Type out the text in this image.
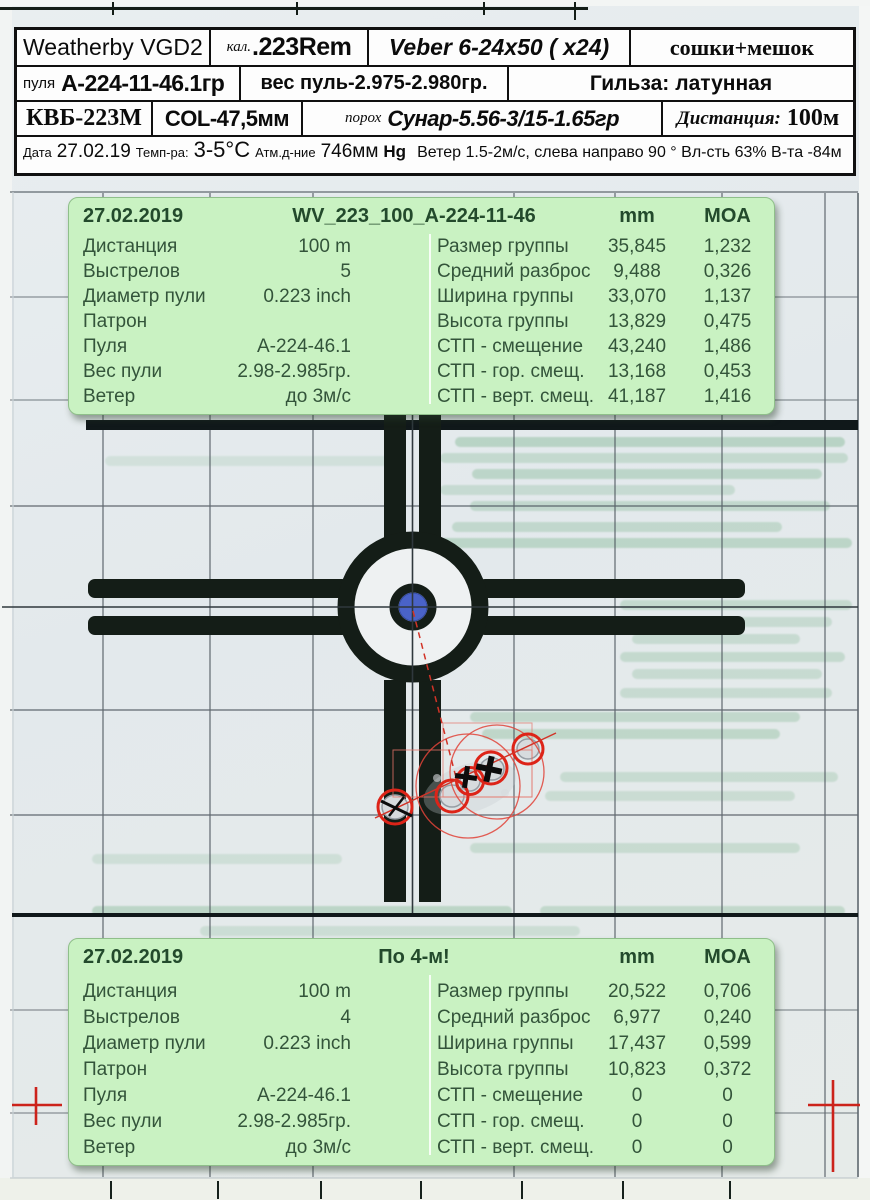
Weatherby VGD2 кал. .223Rem Veber 6-24x50 ( x24)	сошки+мешок
пуля А-224-11-46.1гр вес пуль-2.975-2.980гр.	Гильза: латунная
КВБ-223М COL-47,5мм	порох Сунар-5.56-3/15-1.65гр	Дистанция: 100м
Дата 27.02.19 Темп-ра: 3-5°С Атм.д-ние 746мм Hg Ветер 1.5-2м/с, слева направо 90 ° Вл-сть 63% В-та -84м
27.02.2019	WV_223_100_A-224-11-46	mm	MOA
Дистанция	100 m
Выстрелов	5
Диаметр пули	0.223 inch
Патрон
Пуля	А-224-46.1
Вес пули	2.98-2.985гр.
Ветер	до 3м/с
Размер группы	35,845	1,232
Средний разброс	9,488	0,326
Ширина группы	33,070	1,137
Высота группы	13,829	0,475
СТП - смещение	43,240	1,486
СТП - гор. смещ.	13,168	0,453
СТП - верт. смещ. 41,187	1,416
27.02.2019	По 4-м!	mm	MOA
Дистанция	100 m
Выстрелов	4
Диаметр пули	0.223 inch
Патрон
Пуля	А-224-46.1
Вес пули	2.98-2.985гр.
Ветер	до 3м/с
Размер группы	20,522	0,706
Средний разброс	6,977	0,240
Ширина группы	17,437	0,599
Высота группы	10,823	0,372
СТП - смещение	0	0
СТП - гор. смещ.	0	0
СТП - верт. смещ.	0	0
